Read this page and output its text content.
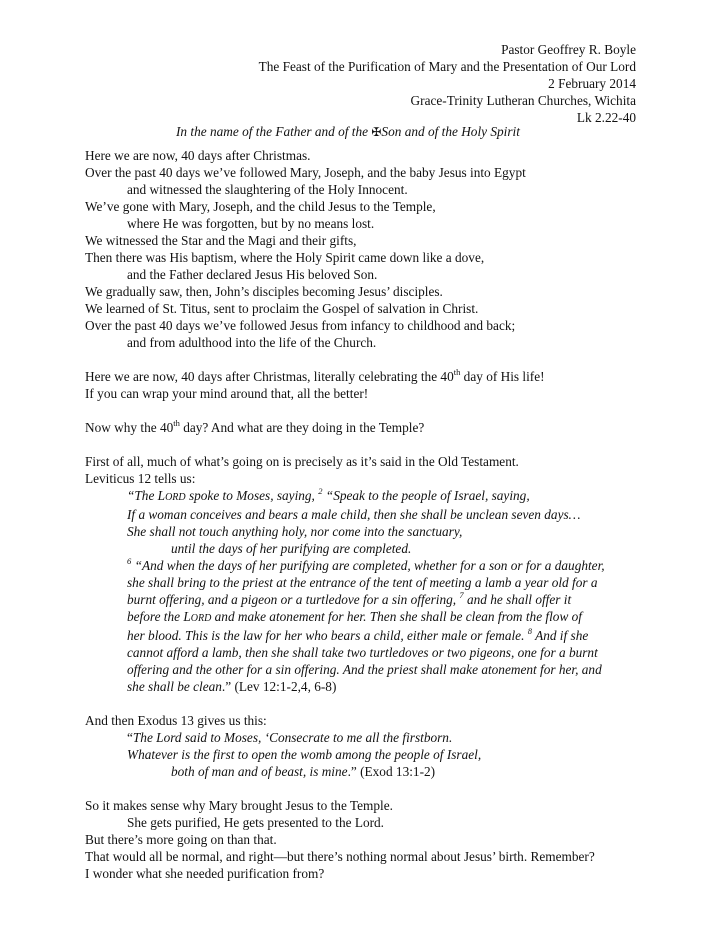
Pastor Geoffrey R. Boyle
The Feast of the Purification of Mary and the Presentation of Our Lord
2 February 2014
Grace-Trinity Lutheran Churches, Wichita
Lk 2.22-40
In the name of the Father and of the ✠Son and of the Holy Spirit
Here we are now, 40 days after Christmas.
Over the past 40 days we’ve followed Mary, Joseph, and the baby Jesus into Egypt
and witnessed the slaughtering of the Holy Innocent.
We’ve gone with Mary, Joseph, and the child Jesus to the Temple,
where He was forgotten, but by no means lost.
We witnessed the Star and the Magi and their gifts,
Then there was His baptism, where the Holy Spirit came down like a dove,
and the Father declared Jesus His beloved Son.
We gradually saw, then, John’s disciples becoming Jesus’ disciples.
We learned of St. Titus, sent to proclaim the Gospel of salvation in Christ.
Over the past 40 days we’ve followed Jesus from infancy to childhood and back;
and from adulthood into the life of the Church.
Here we are now, 40 days after Christmas, literally celebrating the 40th day of His life!
If you can wrap your mind around that, all the better!
Now why the 40th day? And what are they doing in the Temple?
First of all, much of what’s going on is precisely as it’s said in the Old Testament.
Leviticus 12 tells us:
“The LORD spoke to Moses, saying, $^2$ “Speak to the people of Israel, saying,
If a woman conceives and bears a male child, then she shall be unclean seven days…
She shall not touch anything holy, nor come into the sanctuary,
until the days of her purifying are completed.
$^6$ “And when the days of her purifying are completed, whether for a son or for a daughter,
she shall bring to the priest at the entrance of the tent of meeting a lamb a year old for a
burnt offering, and a pigeon or a turtledove for a sin offering, $^7$ and he shall offer it
before the LORD and make atonement for her. Then she shall be clean from the flow of
her blood. This is the law for her who bears a child, either male or female. $^8$ And if she
cannot afford a lamb, then she shall take two turtledoves or two pigeons, one for a burnt
offering and the other for a sin offering. And the priest shall make atonement for her, and
she shall be clean.” (Lev 12:1-2,4, 6-8)
And then Exodus 13 gives us this:
“The Lord said to Moses, ‘Consecrate to me all the firstborn.
Whatever is the first to open the womb among the people of Israel,
both of man and of beast, is mine.” (Exod 13:1-2)
So it makes sense why Mary brought Jesus to the Temple.
She gets purified, He gets presented to the Lord.
But there’s more going on than that.
That would all be normal, and right—but there’s nothing normal about Jesus’ birth. Remember?
I wonder what she needed purification from?
